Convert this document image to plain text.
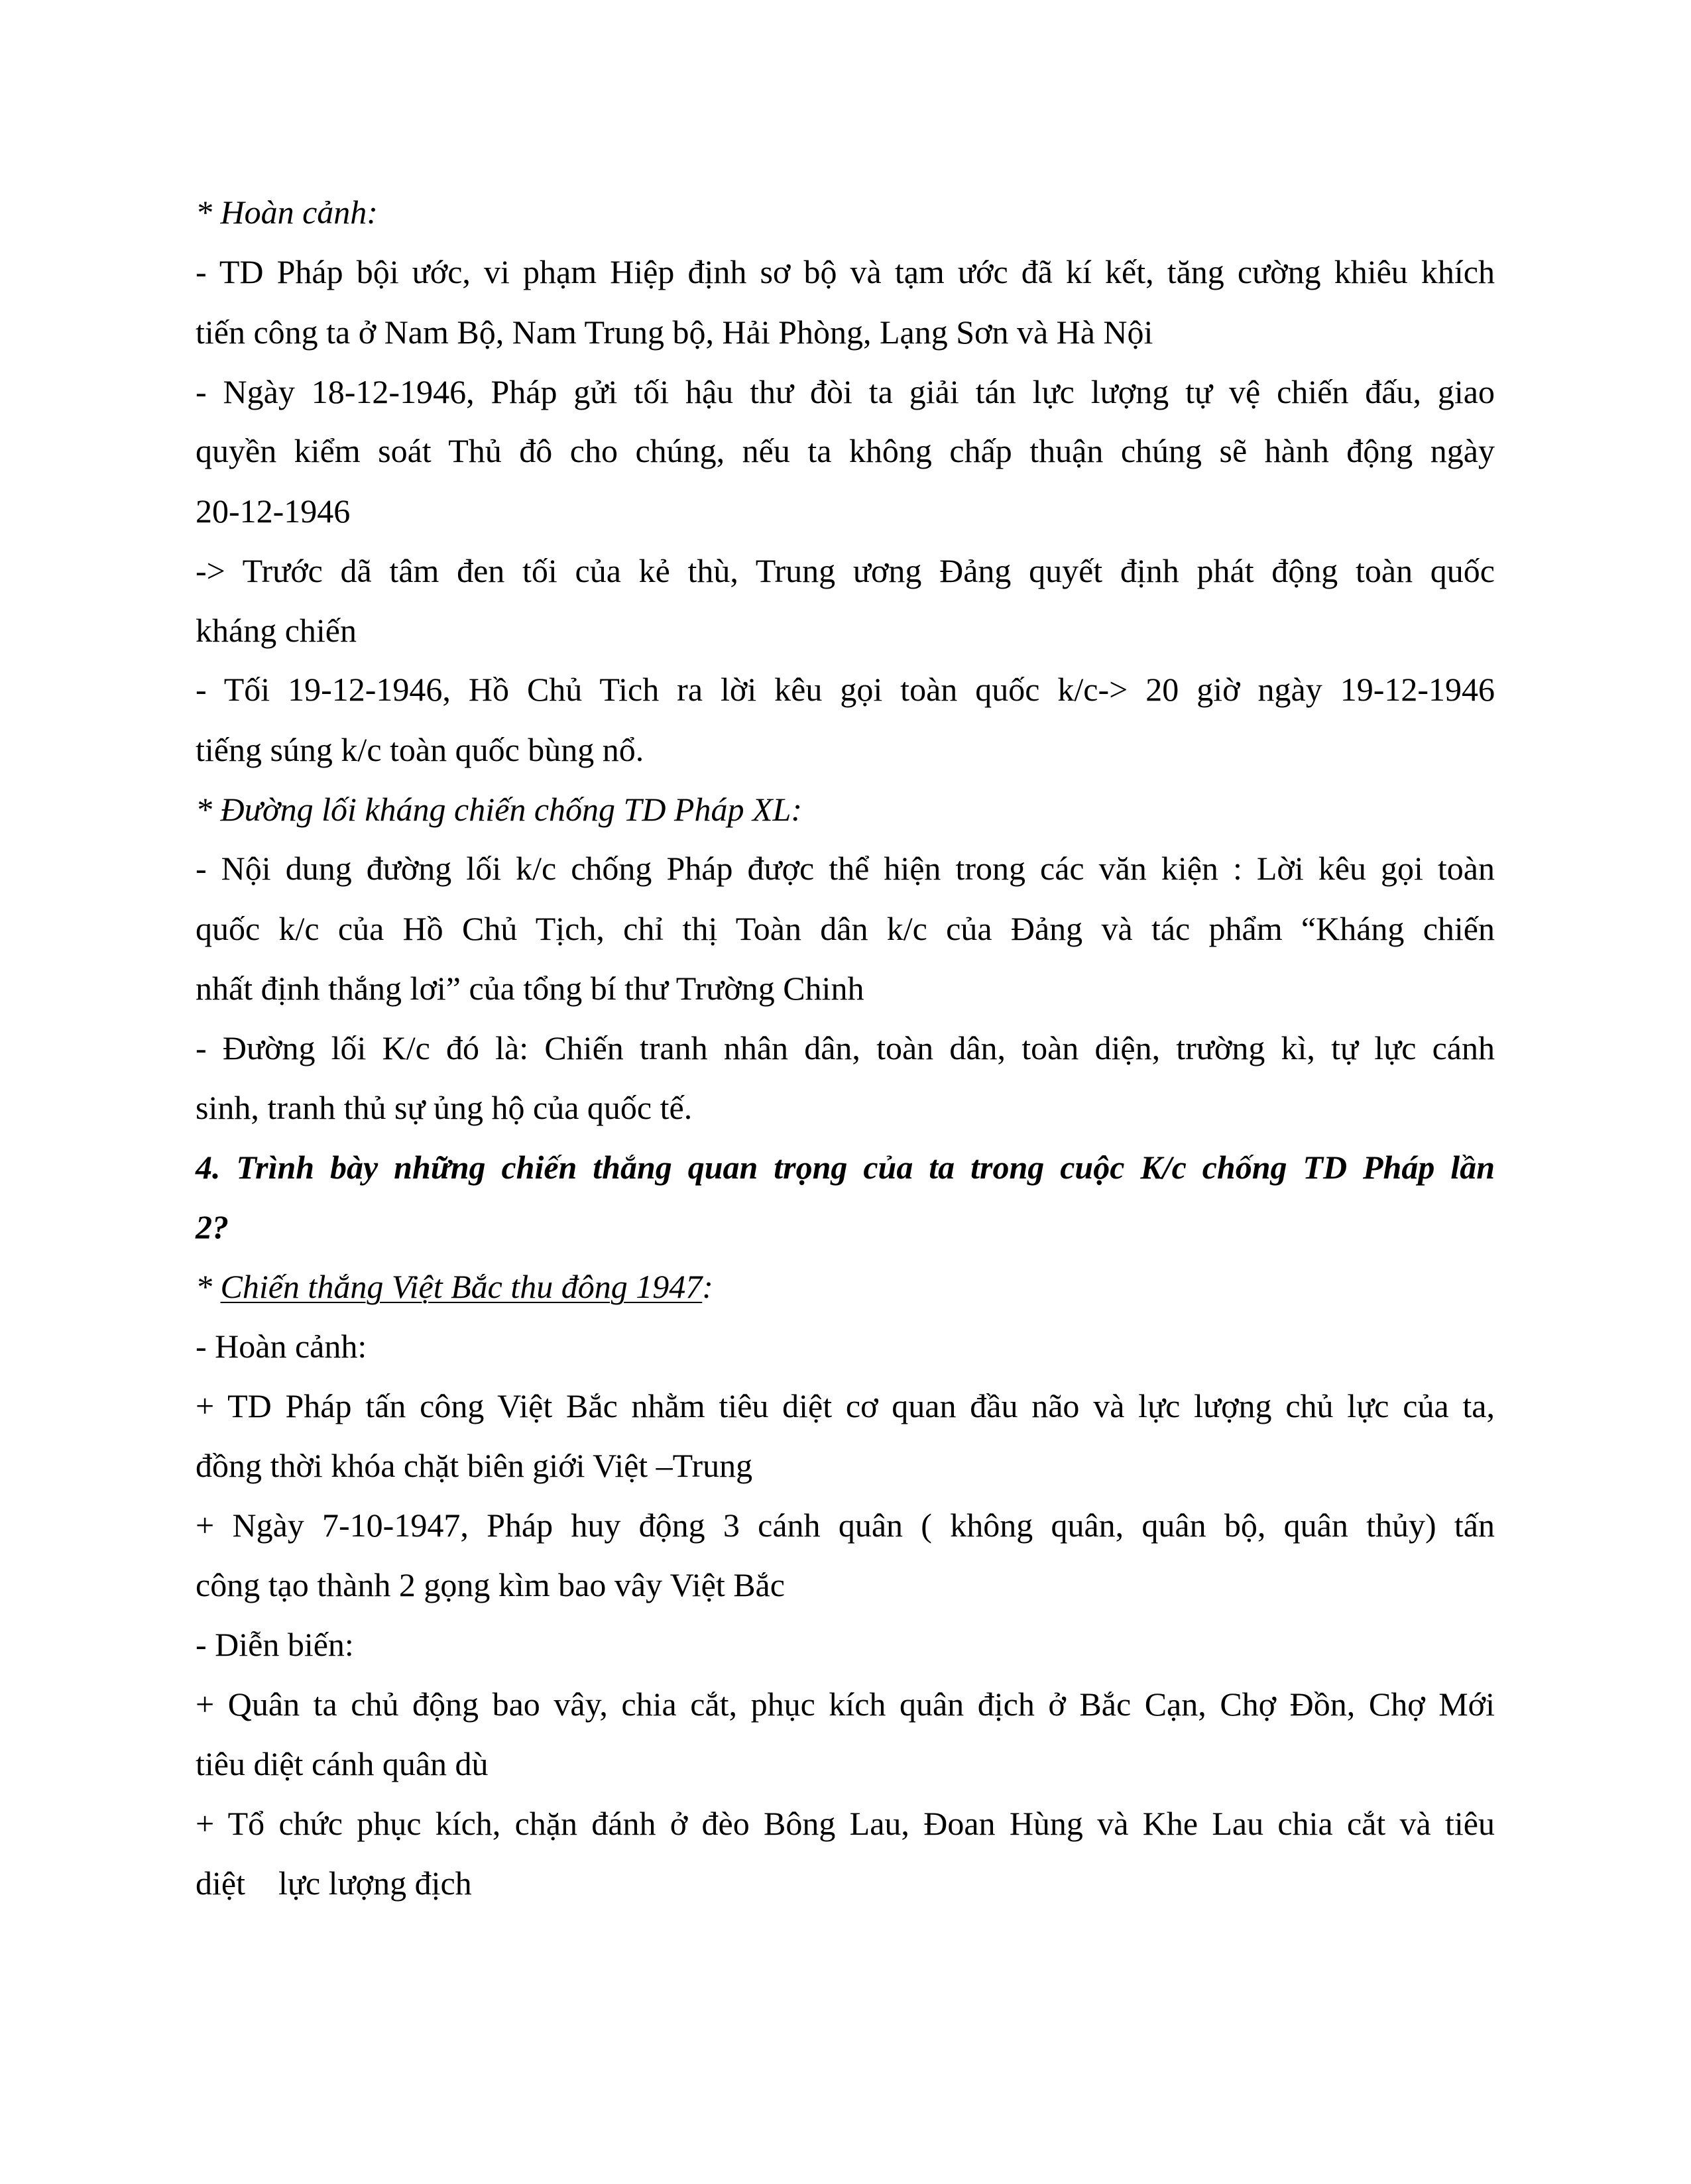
* Hoàn cảnh:
- TD Pháp bội ước, vi phạm Hiệp định sơ bộ và tạm ước đã kí kết, tăng cường khiêu khích
tiến công ta ở Nam Bộ, Nam Trung bộ, Hải Phòng, Lạng Sơn và Hà Nội
- Ngày 18-12-1946, Pháp gửi tối hậu thư đòi ta giải tán lực lượng tự vệ chiến đấu, giao
quyền kiểm soát Thủ đô cho chúng, nếu ta không chấp thuận chúng sẽ hành động ngày
20-12-1946
-> Trước dã tâm đen tối của kẻ thù, Trung ương Đảng quyết định phát động toàn quốc
kháng chiến
- Tối 19-12-1946, Hồ Chủ Tich ra lời kêu gọi toàn quốc k/c-> 20 giờ ngày 19-12-1946
tiếng súng k/c toàn quốc bùng nổ.
* Đường lối kháng chiến chống TD Pháp XL:
- Nội dung đường lối k/c chống Pháp được thể hiện trong các văn kiện : Lời kêu gọi toàn
quốc k/c của Hồ Chủ Tịch, chỉ thị Toàn dân k/c của Đảng và tác phẩm “Kháng chiến
nhất định thắng lơi” của tổng bí thư Trường Chinh
- Đường lối K/c đó là: Chiến tranh nhân dân, toàn dân, toàn diện, trường kì, tự lực cánh
sinh, tranh thủ sự ủng hộ của quốc tế.
4. Trình bày những chiến thắng quan trọng của ta trong cuộc K/c chống TD Pháp lần
2?
* Chiến thắng Việt Bắc thu đông 1947:
- Hoàn cảnh:
+ TD Pháp tấn công Việt Bắc nhằm tiêu diệt cơ quan đầu não và lực lượng chủ lực của ta,
đồng thời khóa chặt biên giới Việt –Trung
+ Ngày 7-10-1947, Pháp huy động 3 cánh quân ( không quân, quân bộ, quân thủy) tấn
công tạo thành 2 gọng kìm bao vây Việt Bắc
- Diễn biến:
+ Quân ta chủ động bao vây, chia cắt, phục kích quân địch ở Bắc Cạn, Chợ Đồn, Chợ Mới
tiêu diệt cánh quân dù
+ Tổ chức phục kích, chặn đánh ở đèo Bông Lau, Đoan Hùng và Khe Lau chia cắt và tiêu
diệt    lực lượng địch
